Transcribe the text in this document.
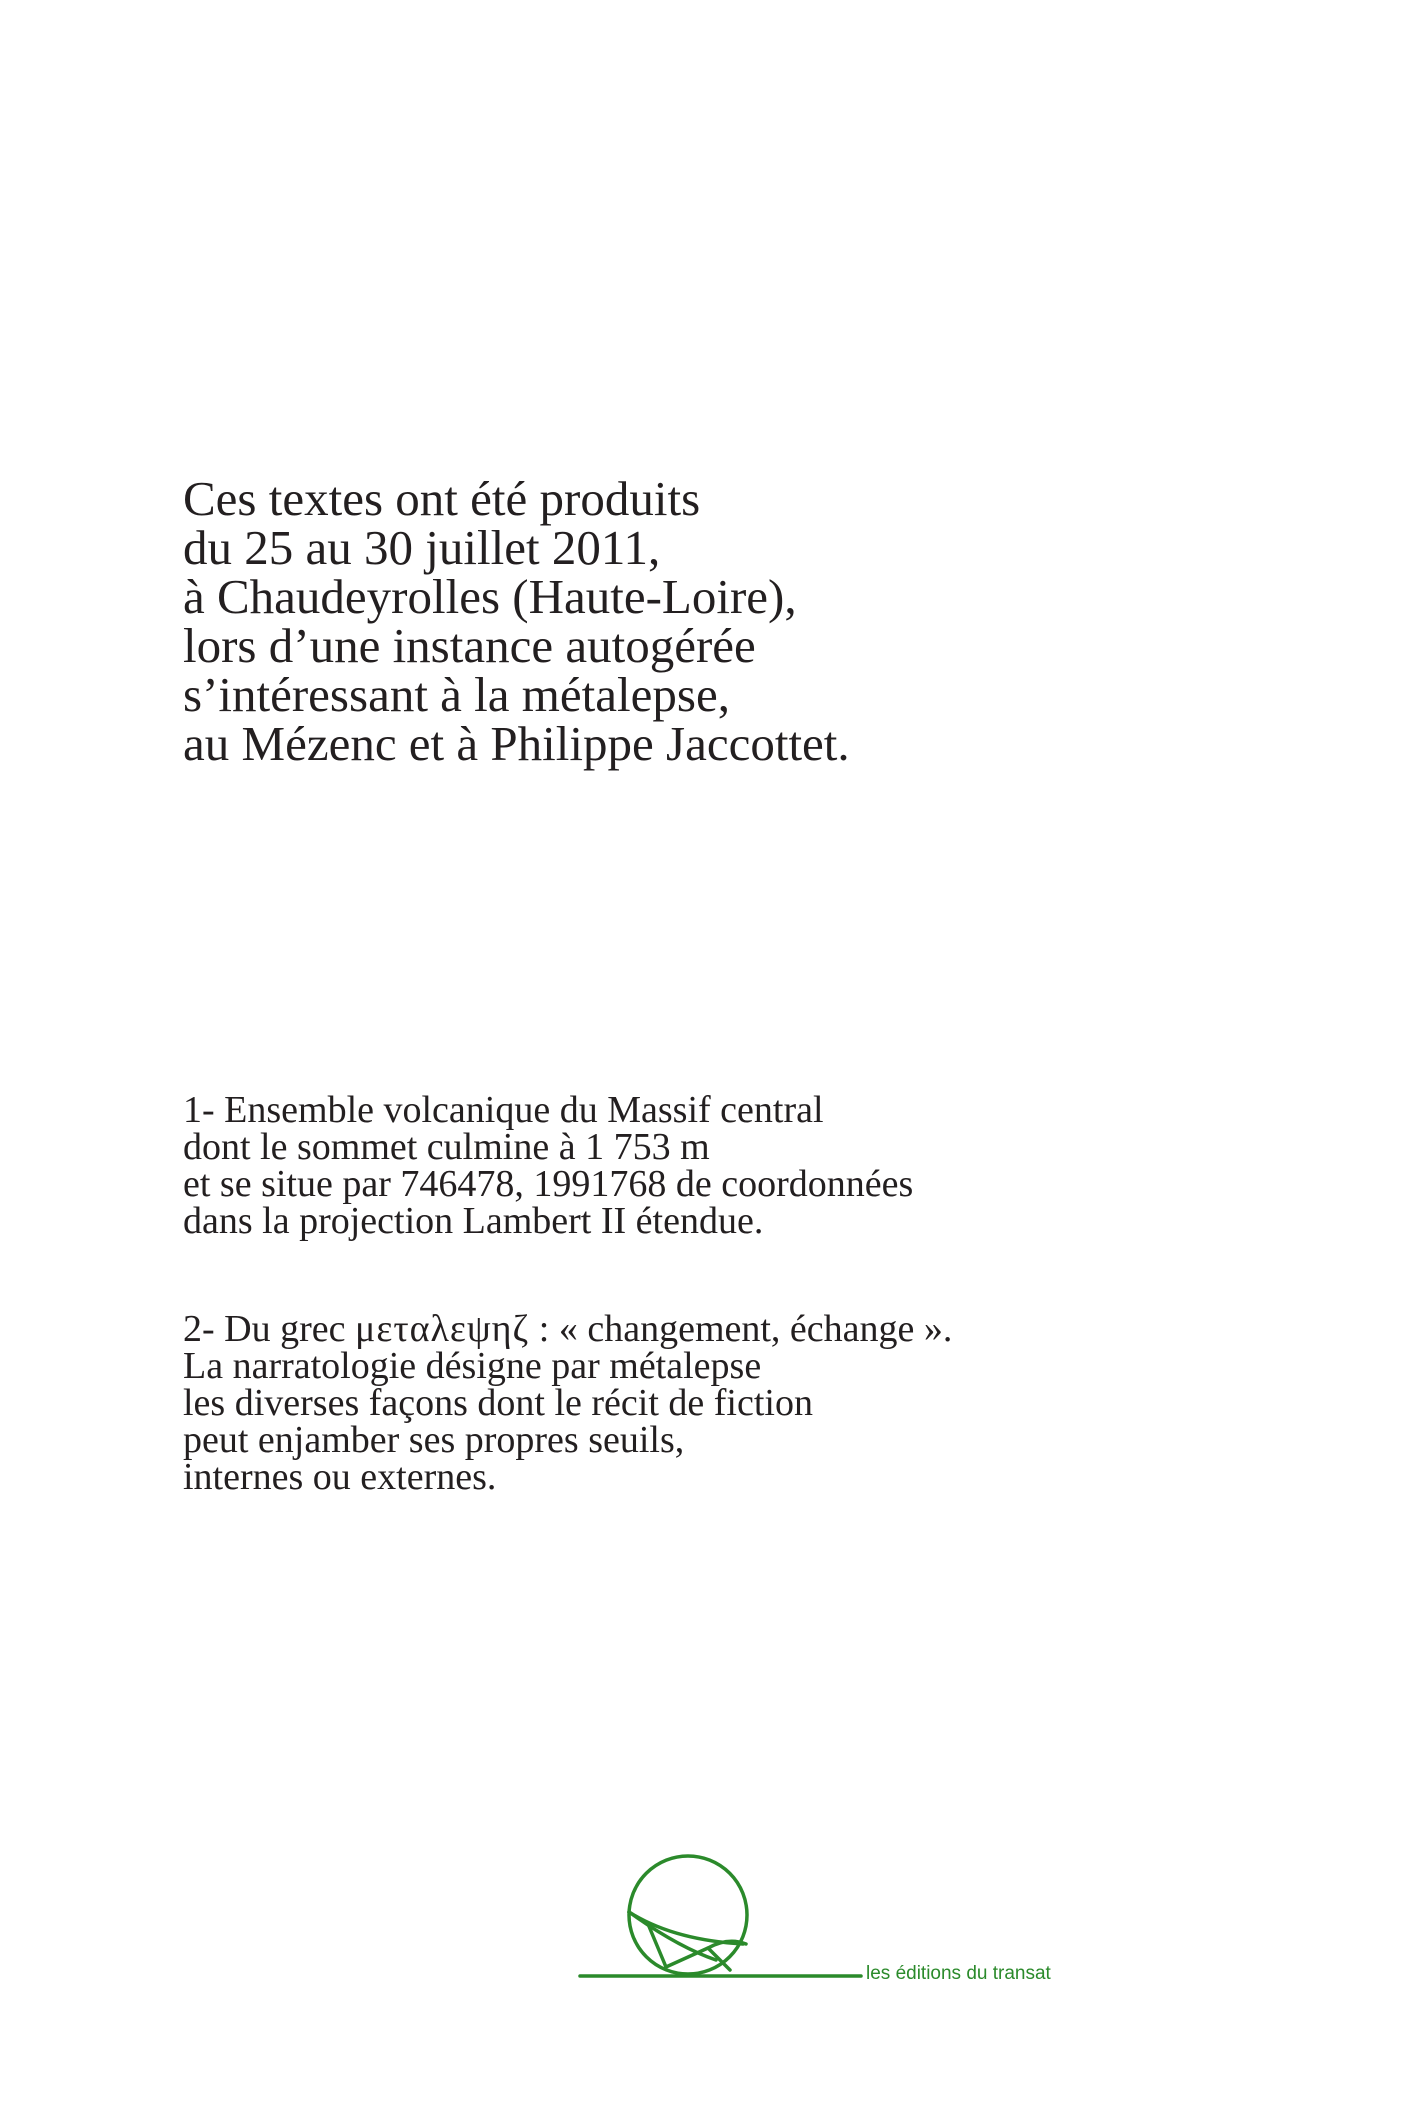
Ces textes ont été produits
du 25 au 30 juillet 2011,
à Chaudeyrolles (Haute-Loire),
lors d’une instance autogérée
s’intéressant à la métalepse,
au Mézenc et à Philippe Jaccottet.
1- Ensemble volcanique du Massif central
dont le sommet culmine à 1 753 m
et se situe par 746478, 1991768 de coordonnées
dans la projection Lambert II étendue.
2- Du grec μεταλεψηζ : « changement, échange ».
La narratologie désigne par métalepse
les diverses façons dont le récit de fiction
peut enjamber ses propres seuils,
internes ou externes.
les éditions du transat
